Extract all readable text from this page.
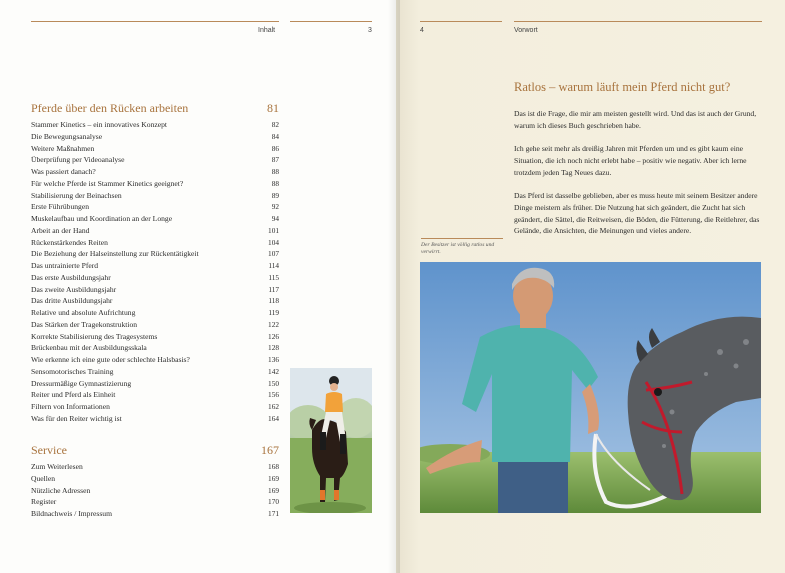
Inhalt	3
Pferde über den Rücken arbeiten	81
Stammer Kinetics – ein innovatives Konzept	82
Die Bewegungsanalyse	84
Weitere Maßnahmen	86
Überprüfung per Videoanalyse	87
Was passiert danach?	88
Für welche Pferde ist Stammer Kinetics geeignet?	88
Stabilisierung der Beinachsen	89
Erste Führübungen	92
Muskelaufbau und Koordination an der Longe	94
Arbeit an der Hand	101
Rückenstärkendes Reiten	104
Die Beziehung der Halseinstellung zur Rückentätigkeit	107
Das untrainierte Pferd	114
Das erste Ausbildungsjahr	115
Das zweite Ausbildungsjahr	117
Das dritte Ausbildungsjahr	118
Relative und absolute Aufrichtung	119
Das Stärken der Tragekonstruktion	122
Korrekte Stabilisierung des Tragesystems	126
Brückenbau mit der Ausbildungsskala	128
Wie erkenne ich eine gute oder schlechte Halsbasis?	136
Sensomotorisches Training	142
Dressurmäßige Gymnastizierung	150
Reiter und Pferd als Einheit	156
Filtern von Informationen	162
Was für den Reiter wichtig ist	164
Service	167
Zum Weiterlesen	168
Quellen	169
Nützliche Adressen	169
Register	170
Bildnachweis / Impressum	171
4	Vorwort
Ratlos – warum läuft mein Pferd nicht gut?
Das ist die Frage, die mir am meisten gestellt wird. Und das ist auch der Grund, warum ich dieses Buch geschrieben habe.
Ich gehe seit mehr als dreißig Jahren mit Pferden um und es gibt kaum eine Situation, die ich noch nicht erlebt habe – positiv wie negativ. Aber ich lerne trotzdem jeden Tag Neues dazu.
Das Pferd ist dasselbe geblieben, aber es muss heute mit seinem Besitzer andere Dinge meistern als früher. Die Nutzung hat sich geändert, die Zucht hat sich geändert, die Sättel, die Reitweisen, die Böden, die Fütterung, die Reitlehrer, das Gelände, die Ansichten, die Meinungen und vieles andere.
Der Besitzer ist völlig ratlos und verwirrt.
